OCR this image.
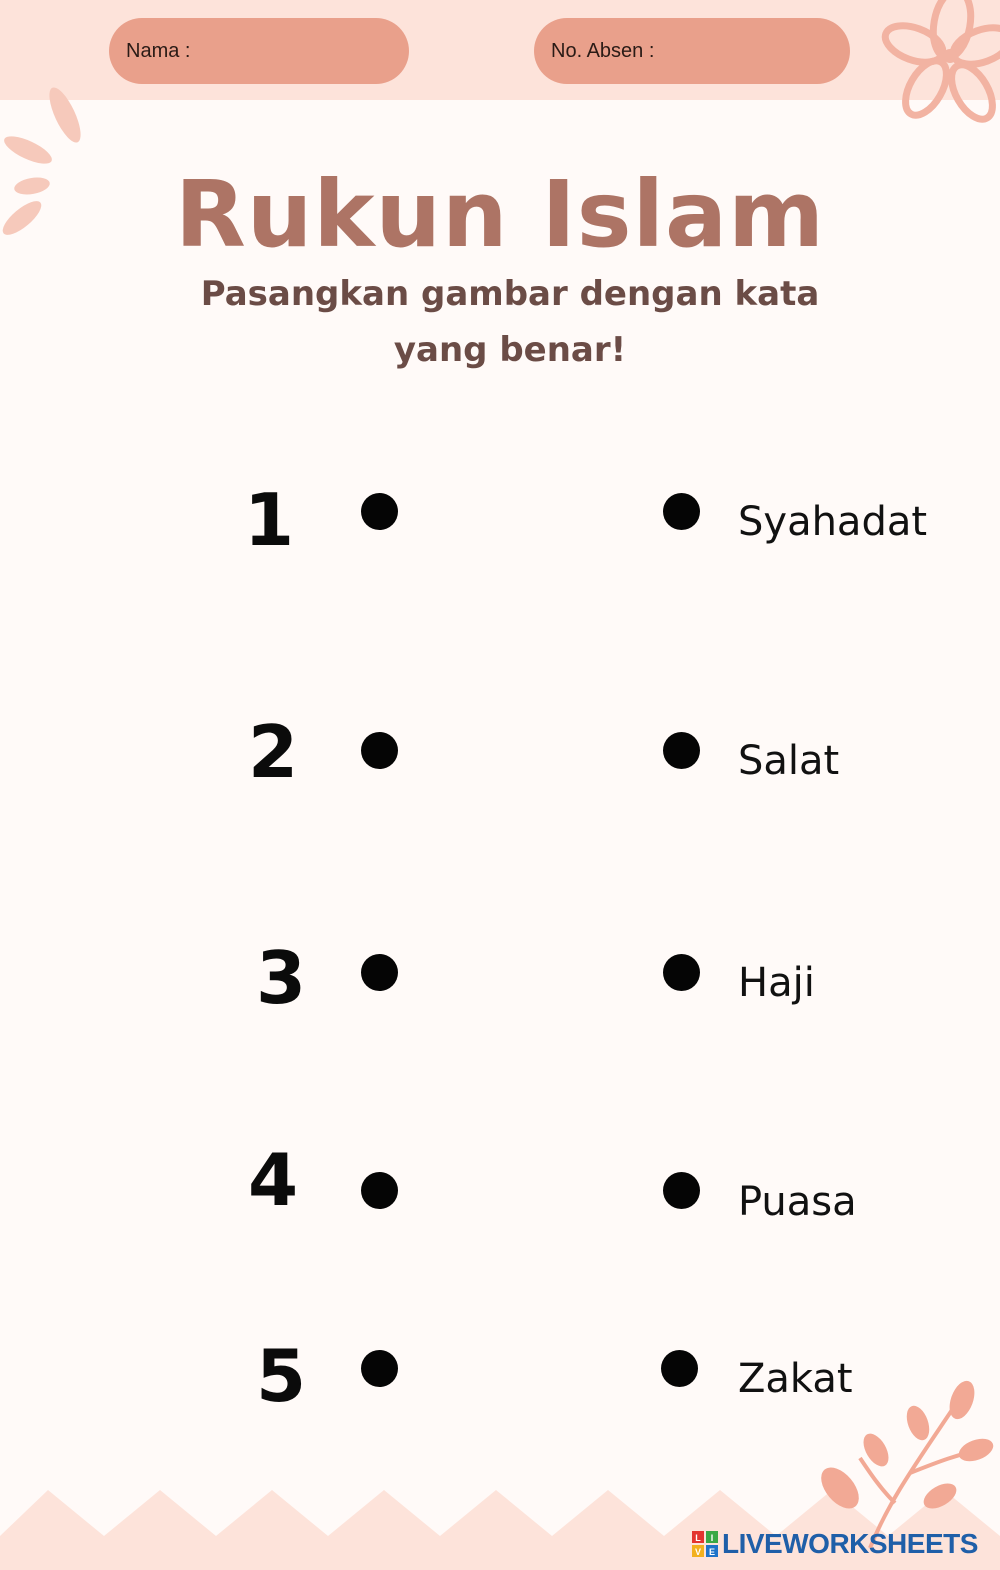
Nama :	No. Absen :
Rukun Islam
Pasangkan gambar dengan kata yang benar!
1	Syahadat
2	Salat
3	Haji
4	Puasa
5	Zakat
L I
V E LIVEWORKSHEETS
